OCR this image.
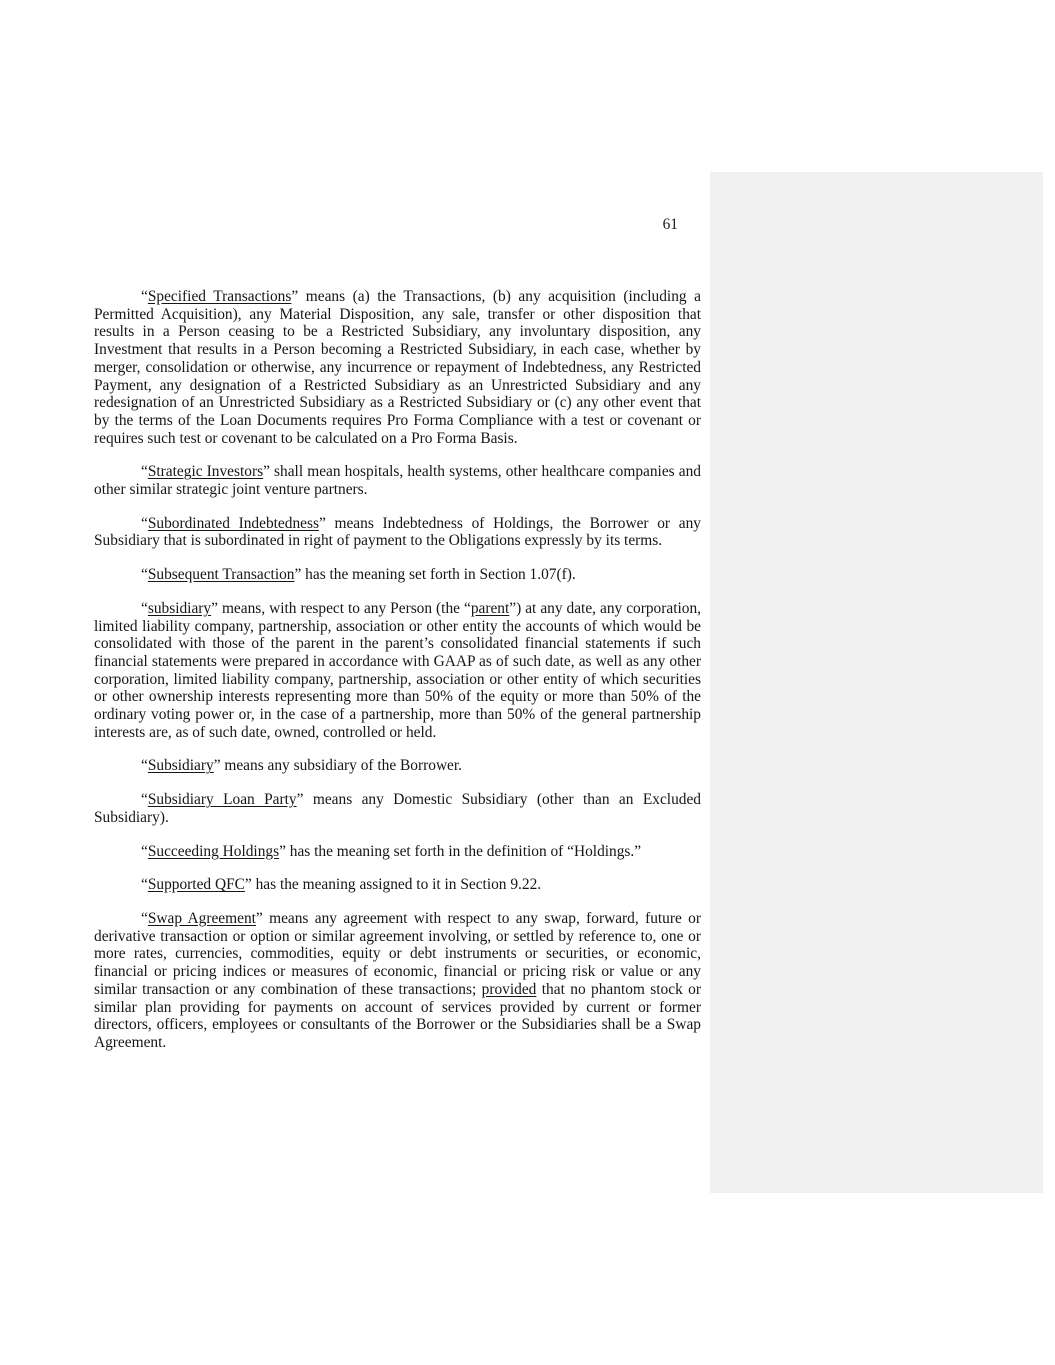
61

“Specified Transactions” means (a) the Transactions, (b) any acquisition (including a Permitted Acquisition), any Material Disposition, any sale, transfer or other disposition that results in a Person ceasing to be a Restricted Subsidiary, any involuntary disposition, any Investment that results in a Person becoming a Restricted Subsidiary, in each case, whether by merger, consolidation or otherwise, any incurrence or repayment of Indebtedness, any Restricted Payment, any designation of a Restricted Subsidiary as an Unrestricted Subsidiary and any redesignation of an Unrestricted Subsidiary as a Restricted Subsidiary or (c) any other event that by the terms of the Loan Documents requires Pro Forma Compliance with a test or covenant or requires such test or covenant to be calculated on a Pro Forma Basis.

“Strategic Investors” shall mean hospitals, health systems, other healthcare companies and other similar strategic joint venture partners.

“Subordinated Indebtedness” means Indebtedness of Holdings, the Borrower or any Subsidiary that is subordinated in right of payment to the Obligations expressly by its terms.

“Subsequent Transaction” has the meaning set forth in Section 1.07(f).

“subsidiary” means, with respect to any Person (the “parent”) at any date, any corporation, limited liability company, partnership, association or other entity the accounts of which would be consolidated with those of the parent in the parent’s consolidated financial statements if such financial statements were prepared in accordance with GAAP as of such date, as well as any other corporation, limited liability company, partnership, association or other entity of which securities or other ownership interests representing more than 50% of the equity or more than 50% of the ordinary voting power or, in the case of a partnership, more than 50% of the general partnership interests are, as of such date, owned, controlled or held.

“Subsidiary” means any subsidiary of the Borrower.

“Subsidiary Loan Party” means any Domestic Subsidiary (other than an Excluded Subsidiary).

“Succeeding Holdings” has the meaning set forth in the definition of “Holdings.”

“Supported QFC” has the meaning assigned to it in Section 9.22.

“Swap Agreement” means any agreement with respect to any swap, forward, future or derivative transaction or option or similar agreement involving, or settled by reference to, one or more rates, currencies, commodities, equity or debt instruments or securities, or economic, financial or pricing indices or measures of economic, financial or pricing risk or value or any similar transaction or any combination of these transactions; provided that no phantom stock or similar plan providing for payments on account of services provided by current or former directors, officers, employees or consultants of the Borrower or the Subsidiaries shall be a Swap Agreement.
